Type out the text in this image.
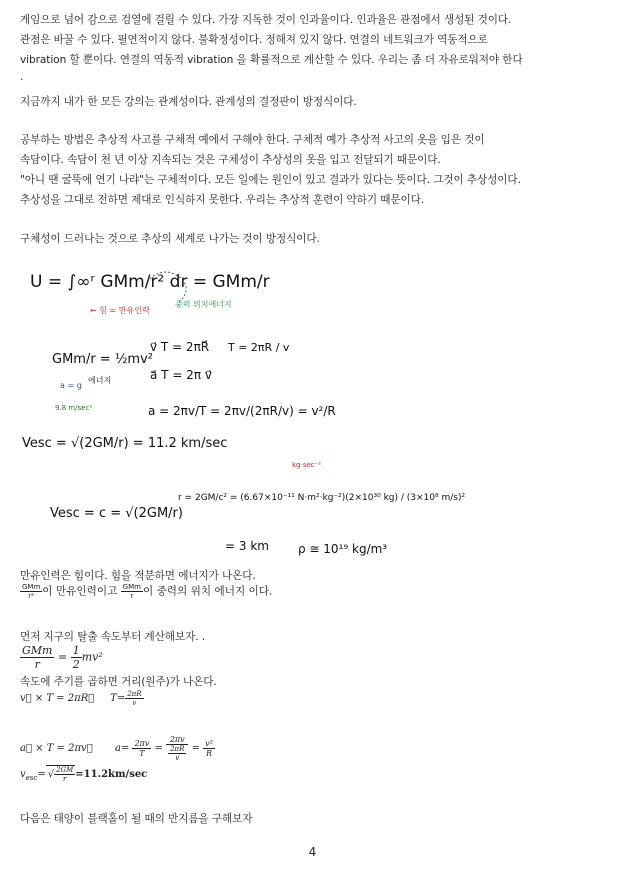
게임으로 넘어 감으로 검열에 걸릴 수 있다. 가장 지독한 것이 인과율이다. 인과율은 관점에서 생성된 것이다.
관점은 바꿀 수 있다. 필연적이지 않다. 불확정성이다. 정해져 있지 않다. 연결의 네트워크가 역동적으로
vibration 할 뿐이다. 연결의 역동적 vibration 을 확률적으로 계산할 수 있다. 우리는 좀 더 자유로워져야 한다
.
지금까지 내가 한 모든 강의는 관계성이다. 관계성의 결정판이 방정식이다.
공부하는 방법은 추상적 사고를 구체적 예에서 구해야 한다. 구체적 예가 추상적 사고의 옷을 입은 것이
속담이다. 속담이 천 년 이상 지속되는 것은 구체성이 추상성의 옷을 입고 전달되기 때문이다.
"아니 땐 굴뚝에 연기 나랴"는 구체적이다. 모든 일에는 원인이 있고 결과가 있다는 뜻이다. 그것이 추상성이다.
추상성을 그대로 전하면 제대로 인식하지 못한다. 우리는 추상적 훈련이 약하기 때문이다.
구체성이 드러나는 것으로 추상의 세계로 나가는 것이 방정식이다.
U = ∫∞ʳ GMm/r² dr = GMm/r
← 힘 = 만유인력
중력 위치에너지
GMm/r = ½mv²
에너지
a = g
9.8 m/sec²
v⃗ T = 2πR⃗ T = 2πR / v
a⃗ T = 2π v⃗
a = 2πv/T = 2πv/(2πR/v) = v²/R
Vesc = √(2GM/r) = 11.2 km/sec
kg·sec⁻²
Vesc = c = √(2GM/r)
r = 2GM/c² = (6.67×10⁻¹¹ N·m²·kg⁻²)(2×10³⁰ kg) / (3×10⁸ m/s)²
= 3 km ρ ≅ 10¹⁹ kg/m³
만유인력은 힘이다. 힘을 적분하면 에너지가 나온다.
$\frac{\text{GMm}}{\text{r²}}$ 이 만유인력이고 $\frac{\text{GMm}}{r}$ 이 중력의 위치 에너지 이다.
먼저 지구의 탈출 속도부터 계산해보자. .
$\frac{\text{GMm}}{r} = \frac{1}{2} mv^2$
속도에 주기를 곱하면 거리(원주)가 나온다.
v⃗ × T = 2πR⃗     $T= \frac{2\pi R}{v}$
a⃗ × T = 2πv⃗       $a= \frac{2\pi v}{T} = \frac{2\pi v}{\frac{2\pi R}{v}} = \frac{\text{v²}}{R}$
$v_{esc}=$ √ $\frac{2GM}{r} =11.2km/\sec$
다음은 태양이 블랙홀이 될 때의 반지름을 구해보자
4
